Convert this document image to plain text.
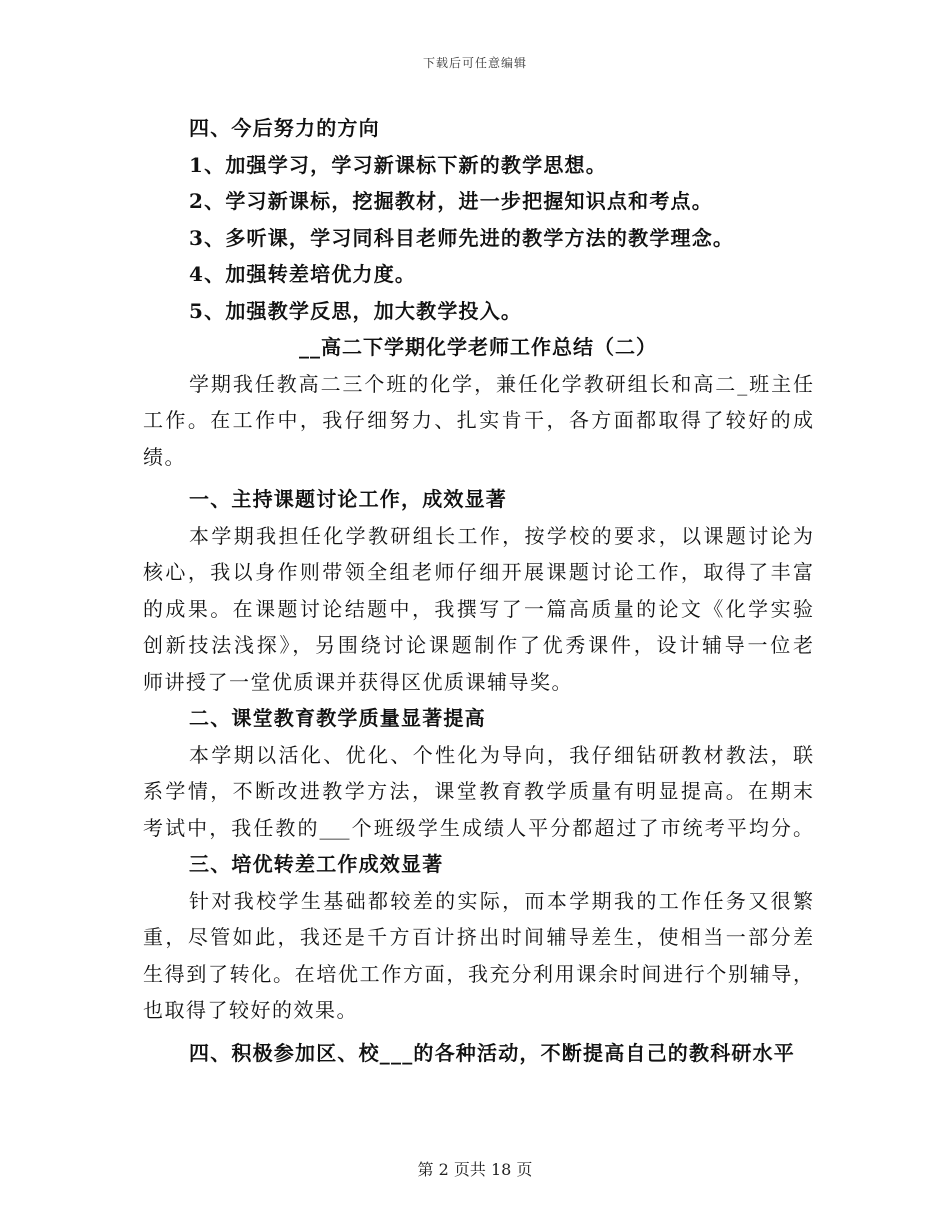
下载后可任意编辑
四、今后努力的方向
1、加强学习，学习新课标下新的教学思想。
2、学习新课标，挖掘教材，进一步把握知识点和考点。
3、多听课，学习同科目老师先进的教学方法的教学理念。
4、加强转差培优力度。
5、加强教学反思，加大教学投入。
__高二下学期化学老师工作总结（二）
学期我任教高二三个班的化学，兼任化学教研组长和高二_班主任
工作。在工作中，我仔细努力、扎实肯干，各方面都取得了较好的成
绩。
一、主持课题讨论工作，成效显著
本学期我担任化学教研组长工作，按学校的要求，以课题讨论为
核心，我以身作则带领全组老师仔细开展课题讨论工作，取得了丰富
的成果。在课题讨论结题中，我撰写了一篇高质量的论文《化学实验
创新技法浅探》，另围绕讨论课题制作了优秀课件，设计辅导一位老
师讲授了一堂优质课并获得区优质课辅导奖。
二、课堂教育教学质量显著提高
本学期以活化、优化、个性化为导向，我仔细钻研教材教法，联
系学情，不断改进教学方法，课堂教育教学质量有明显提高。在期末
考试中，我任教的___个班级学生成绩人平分都超过了市统考平均分。
三、培优转差工作成效显著
针对我校学生基础都较差的实际，而本学期我的工作任务又很繁
重，尽管如此，我还是千方百计挤出时间辅导差生，使相当一部分差
生得到了转化。在培优工作方面，我充分利用课余时间进行个别辅导，
也取得了较好的效果。
四、积极参加区、校___的各种活动，不断提高自己的教科研水平
第 2 页共 18 页
